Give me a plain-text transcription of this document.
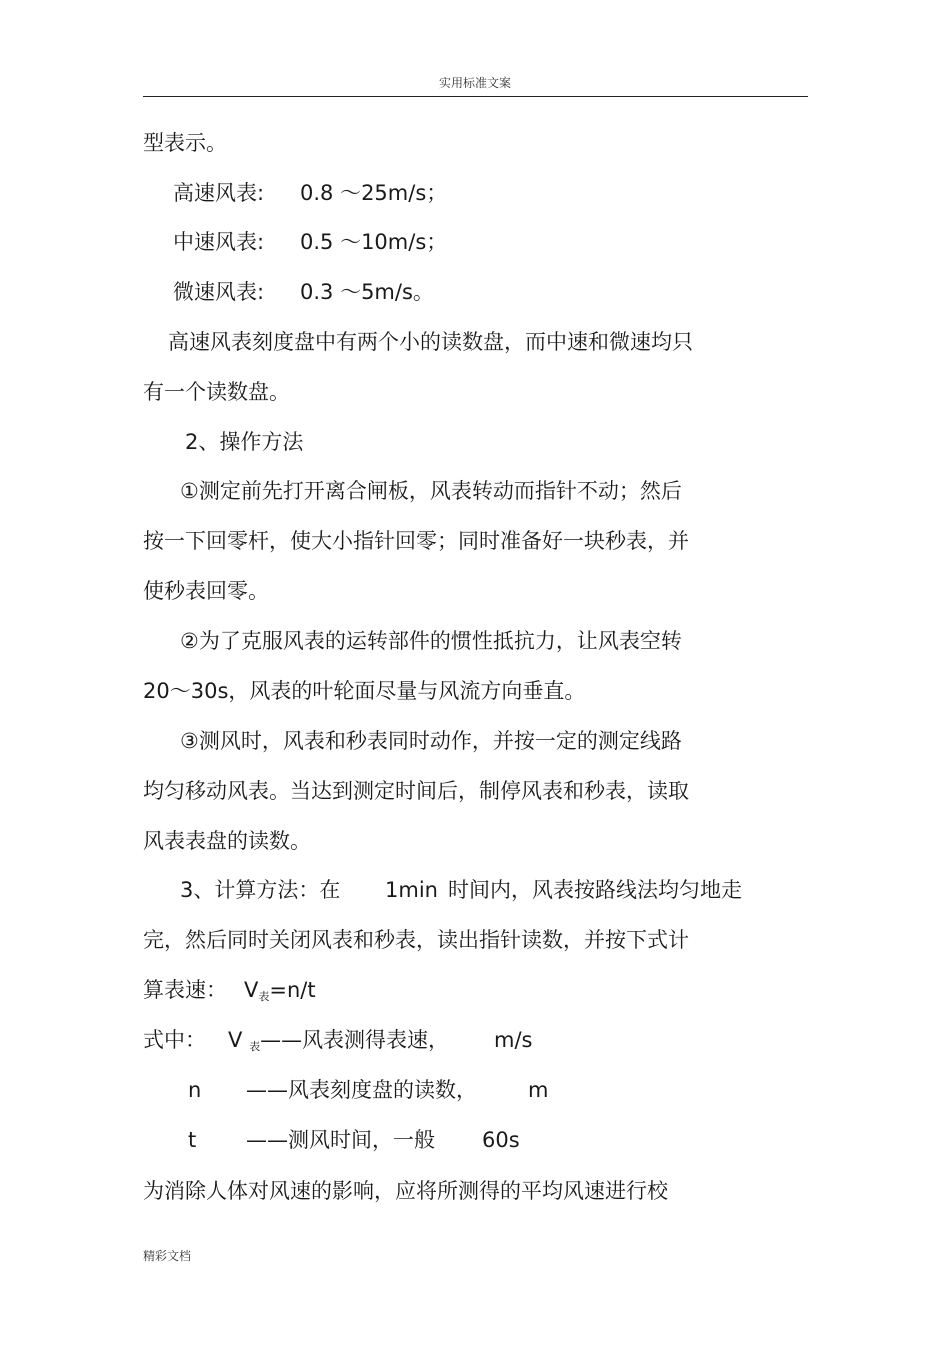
实用标准文案
型表示。
高速风表: 0.8 ～25m/s；
中速风表: 0.5 ～10m/s；
微速风表: 0.3 ～5m/s。
高速风表刻度盘中有两个小的读数盘，而中速和微速均只
有一个读数盘。
2、操作方法
①测定前先打开离合闸板，风表转动而指针不动；然后
按一下回零杆，使大小指针回零；同时准备好一块秒表，并
使秒表回零。
②为了克服风表的运转部件的惯性抵抗力，让风表空转
20～30s，风表的叶轮面尽量与风流方向垂直。
③测风时，风表和秒表同时动作，并按一定的测定线路
均匀移动风表。当达到测定时间后，制停风表和秒表，读取
风表表盘的读数。
3、计算方法：在 1min 时间内，风表按路线法均匀地走
完，然后同时关闭风表和秒表，读出指针读数，并按下式计
算表速： V表=n/t
式中： V 表——风表测得表速， m/s
n ——风表刻度盘的读数， m
t ——测风时间，一般 60s
为消除人体对风速的影响，应将所测得的平均风速进行校
精彩文档
